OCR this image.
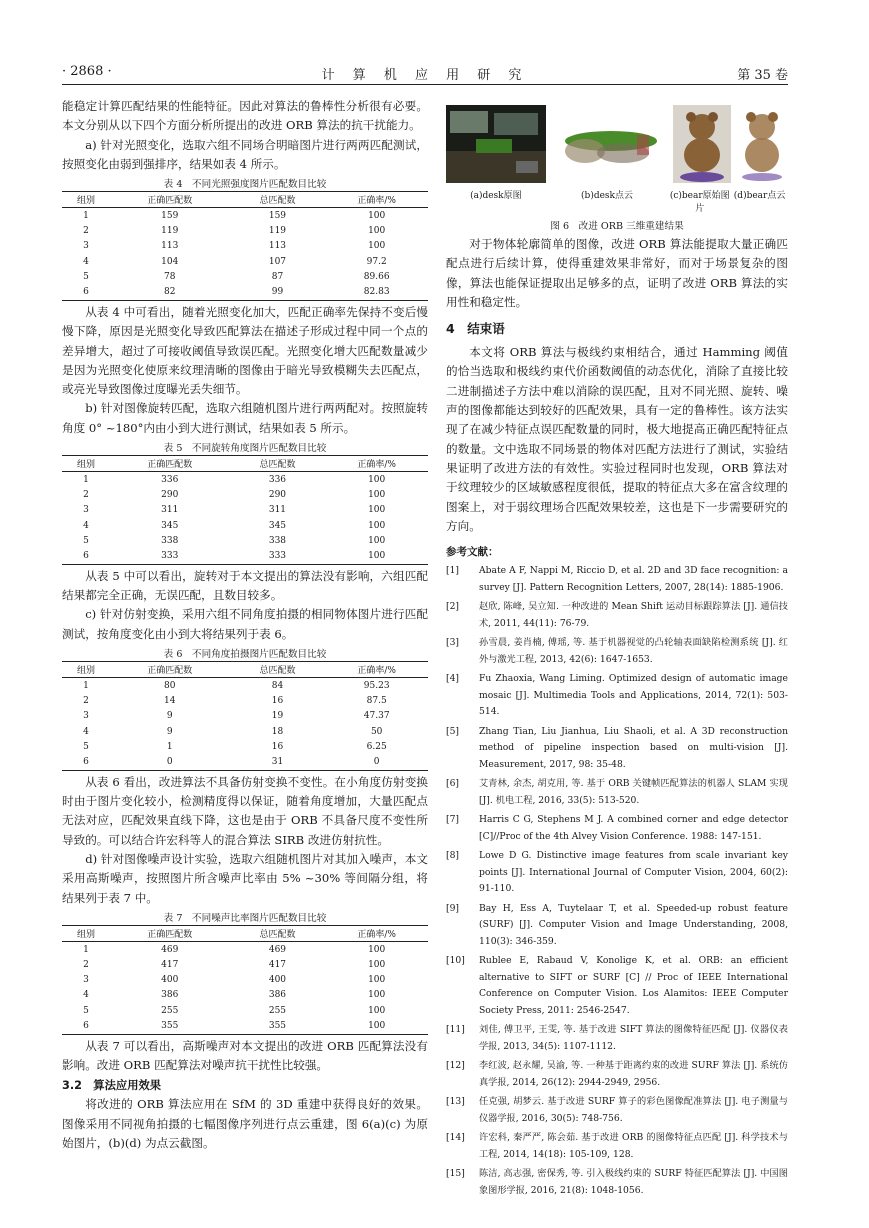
· 2868 ·	计 算 机 应 用 研 究	第 35 卷

能稳定计算匹配结果的性能特征。因此对算法的鲁棒性分析很有必要。本文分别从以下四个方面分析所提出的改进 ORB 算法的抗干扰能力。

a) 针对光照变化，选取六组不同场合明暗图片进行两两匹配测试，按照变化由弱到强排序，结果如表 4 所示。

表 4　不同光照强度图片匹配数目比较
组别	正确匹配数	总匹配数	正确率/%
1	159	159	100
2	119	119	100
3	113	113	100
4	104	107	97.2
5	78	87	89.66
6	82	99	82.83

从表 4 中可看出，随着光照变化加大，匹配正确率先保持不变后慢慢下降，原因是光照变化导致匹配算法在描述子形成过程中同一个点的差异增大，超过了可接收阈值导致误匹配。光照变化增大匹配数量减少是因为光照变化使原来纹理清晰的图像由于暗光导致模糊失去匹配点，或亮光导致图像过度曝光丢失细节。

b) 针对图像旋转匹配，选取六组随机图片进行两两配对。按照旋转角度 0° ~180°内由小到大进行测试，结果如表 5 所示。

表 5　不同旋转角度图片匹配数目比较
组别	正确匹配数	总匹配数	正确率/%
1	336	336	100
2	290	290	100
3	311	311	100
4	345	345	100
5	338	338	100
6	333	333	100

从表 5 中可以看出，旋转对于本文提出的算法没有影响，六组匹配结果都完全正确，无误匹配，且数目较多。

c) 针对仿射变换，采用六组不同角度拍摄的相同物体图片进行匹配测试，按角度变化由小到大将结果列于表 6。

表 6　不同角度拍摄图片匹配数目比较
组别	正确匹配数	总匹配数	正确率/%
1	80	84	95.23
2	14	16	87.5
3	9	19	47.37
4	9	18	50
5	1	16	6.25
6	0	31	0

从表 6 看出，改进算法不具备仿射变换不变性。在小角度仿射变换时由于图片变化较小，检测精度得以保证，随着角度增加，大量匹配点无法对应，匹配效果直线下降，这也是由于 ORB 不具备尺度不变性所导致的。可以结合许宏科等人的混合算法 SIRB 改进仿射抗性。

d) 针对图像噪声设计实验，选取六组随机图片对其加入噪声，本文采用高斯噪声，按照图片所含噪声比率由 5% ~30% 等间隔分组，将结果列于表 7 中。

表 7　不同噪声比率图片匹配数目比较
组别	正确匹配数	总匹配数	正确率/%
1	469	469	100
2	417	417	100
3	400	400	100
4	386	386	100
5	255	255	100
6	355	355	100

从表 7 可以看出，高斯噪声对本文提出的改进 ORB 匹配算法没有影响。改进 ORB 匹配算法对噪声抗干扰性比较强。

3.2　算法应用效果

将改进的 ORB 算法应用在 SfM 的 3D 重建中获得良好的效果。图像采用不同视角拍摄的七幅图像序列进行点云重建，图 6(a)(c) 为原始图片，(b)(d) 为点云截图。

(a)desk原图	(b)desk点云	(c)bear原始图片
(d)bear点云
图 6　改进 ORB 三维重建结果

对于物体轮廓简单的图像，改进 ORB 算法能提取大量正确匹配点进行后续计算，使得重建效果非常好，而对于场景复杂的图像，算法也能保证提取出足够多的点，证明了改进 ORB 算法的实用性和稳定性。

4　结束语

本文将 ORB 算法与极线约束相结合，通过 Hamming 阈值的恰当选取和极线约束代价函数阈值的动态优化，消除了直接比较二进制描述子方法中难以消除的误匹配，且对不同光照、旋转、噪声的图像都能达到较好的匹配效果，具有一定的鲁棒性。该方法实现了在减少特征点误匹配数量的同时，极大地提高正确匹配特征点的数量。文中选取不同场景的物体对匹配方法进行了测试，实验结果证明了改进方法的有效性。实验过程同时也发现，ORB 算法对于纹理较少的区域敏感程度很低，提取的特征点大多在富含纹理的图案上，对于弱纹理场合匹配效果较差，这也是下一步需要研究的方向。

参考文献：
[1] Abate A F, Nappi M, Riccio D, et al. 2D and 3D face recognition: a survey [J]. Pattern Recognition Letters, 2007, 28(14): 1885-1906.
[2] 赵欣, 陈峰, 吴立知. 一种改进的 Mean Shift 运动目标跟踪算法 [J]. 通信技术, 2011, 44(11): 76-79.
[3] 孙雪晨, 姜肖楠, 傅瑶, 等. 基于机器视觉的凸轮轴表面缺陷检测系统 [J]. 红外与激光工程, 2013, 42(6): 1647-1653.
[4] Fu Zhaoxia, Wang Liming. Optimized design of automatic image mosaic [J]. Multimedia Tools and Applications, 2014, 72(1): 503-514.
[5] Zhang Tian, Liu Jianhua, Liu Shaoli, et al. A 3D reconstruction method of pipeline inspection based on multi-vision [J]. Measurement, 2017, 98: 35-48.
[6] 艾青林, 余杰, 胡克用, 等. 基于 ORB 关键帧匹配算法的机器人 SLAM 实现 [J]. 机电工程, 2016, 33(5): 513-520.
[7] Harris C G, Stephens M J. A combined corner and edge detector [C]//Proc of the 4th Alvey Vision Conference. 1988: 147-151.
[8] Lowe D G. Distinctive image features from scale invariant key points [J]. International Journal of Computer Vision, 2004, 60(2): 91-110.
[9] Bay H, Ess A, Tuytelaar T, et al. Speeded-up robust feature (SURF) [J]. Computer Vision and Image Understanding, 2008, 110(3): 346-359.
[10] Rublee E, Rabaud V, Konolige K, et al. ORB: an efficient alternative to SIFT or SURF [C] // Proc of IEEE International Conference on Computer Vision. Los Alamitos: IEEE Computer Society Press, 2011: 2546-2547.
[11] 刘佳, 傅卫平, 王雯, 等. 基于改进 SIFT 算法的图像特征匹配 [J]. 仪器仪表学报, 2013, 34(5): 1107-1112.
[12] 李红波, 赵永耀, 吴渝, 等. 一种基于距离约束的改进 SURF 算法 [J]. 系统仿真学报, 2014, 26(12): 2944-2949, 2956.
[13] 任克强, 胡梦云. 基于改进 SURF 算子的彩色图像配准算法 [J]. 电子测量与仪器学报, 2016, 30(5): 748-756.
[14] 许宏科, 秦严严, 陈会茹. 基于改进 ORB 的图像特征点匹配 [J]. 科学技术与工程, 2014, 14(18): 105-109, 128.
[15] 陈洁, 高志强, 密保秀, 等. 引入极线约束的 SURF 特征匹配算法 [J]. 中国图象图形学报, 2016, 21(8): 1048-1056.
